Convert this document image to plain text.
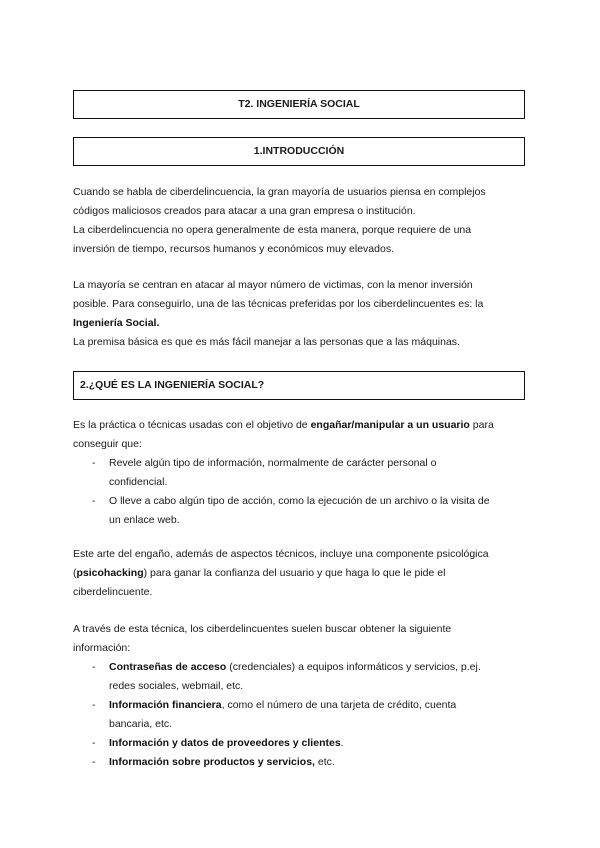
T2. INGENIERÍA SOCIAL
1.INTRODUCCIÓN

Cuando se habla de ciberdelincuencia, la gran mayoría de usuarios piensa en complejos
códigos maliciosos creados para atacar a una gran empresa o institución.
La ciberdelincuencia no opera generalmente de esta manera, porque requiere de una
inversión de tiempo, recursos humanos y económicos muy elevados.

La mayoría se centran en atacar al mayor número de victimas, con la menor inversión
posible. Para conseguirlo, una de las técnicas preferidas por los ciberdelincuentes es: la
Ingeniería Social.
La premisa básica es que es más fácil manejar a las personas que a las máquinas.

2.¿QUÉ ES LA INGENIERÍA SOCIAL?

Es la práctica o técnicas usadas con el objetivo de engañar/manipular a un usuario para
conseguir que:

- Revele algún tipo de información, normalmente de carácter personal o
confidencial.
- O lleve a cabo algún tipo de acción, como la ejecución de un archivo o la visita de
un enlace web.

Este arte del engaño, además de aspectos técnicos, incluye una componente psicológica
(psicohacking) para ganar la confianza del usuario y que haga lo que le pide el
ciberdelincuente.

A través de esta técnica, los ciberdelincuentes suelen buscar obtener la siguiente
información:

- Contraseñas de acceso (credenciales) a equipos informáticos y servicios, p.ej.
redes sociales, webmail, etc.
- Información financiera, como el número de una tarjeta de crédito, cuenta
bancaria, etc.
- Información y datos de proveedores y clientes.
- Información sobre productos y servicios, etc.
